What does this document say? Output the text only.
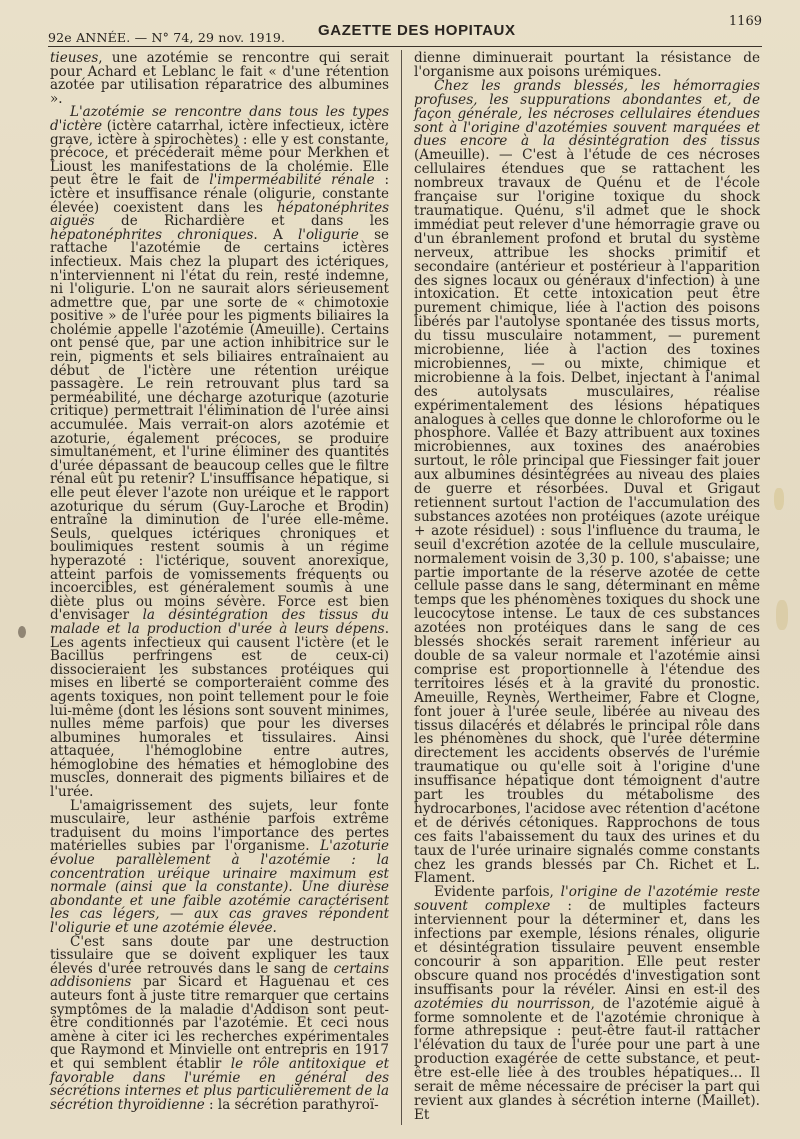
92e ANNÉE. — N° 74, 29 nov. 1919. GAZETTE DES HOPITAUX
1169

tieuses, une azotémie se rencontre qui serait pour Achard et Leblanc le fait « d'une rétention azotée par utilisation réparatrice des albumines ».

L'azotémie se rencontre dans tous les types d'ictère (ictère catarrhal, ictère infectieux, ictère grave, ictère à spirochètes) : elle y est constante, précoce, et précéderait même pour Merkhen et Lioust les manifestations de la cholémie. Elle peut être le fait de l'imperméabilité rénale : ictère et insuffisance rénale (oligurie, constante élevée) coexistent dans les hépatonéphrites aiguës de Richardière et dans les hépatonéphrites chroniques. A l'oligurie se rattache l'azotémie de certains ictères infectieux. Mais chez la plupart des ictériques, n'interviennent ni l'état du rein, resté indemne, ni l'oligurie. L'on ne saurait alors sérieusement admettre que, par une sorte de « chimotoxie positive » de l'urée pour les pigments biliaires la cholémie appelle l'azotémie (Ameuille). Certains ont pensé que, par une action inhibitrice sur le rein, pigments et sels biliaires entraînaient au début de l'ictère une rétention uréique passagère. Le rein retrouvant plus tard sa perméabilité, une décharge azoturique (azoturie critique) permettrait l'élimination de l'urée ainsi accumulée. Mais verrait-on alors azotémie et azoturie, également précoces, se produire simultanément, et l'urine éliminer des quantités d'urée dépassant de beaucoup celles que le filtre rénal eût pu retenir? L'insuffisance hépatique, si elle peut élever l'azote non uréique et le rapport azoturique du sérum (Guy-Laroche et Brodin) entraîne la diminution de l'urée elle-même. Seuls, quelques ictériques chroniques et boulimiques restent soumis à un régime hyperazoté : l'ictérique, souvent anorexique, atteint parfois de vomissements fréquents ou incoercibles, est généralement soumis à une diète plus ou moins sévère. Force est bien d'envisager la désintégration des tissus du malade et la production d'urée à leurs dépens. Les agents infectieux qui causent l'ictère (et le Bacillus perfringens est de ceux-ci) dissocieraient les substances protéiques qui mises en liberté se comporteraient comme des agents toxiques, non point tellement pour le foie lui-même (dont les lésions sont souvent minimes, nulles même parfois) que pour les diverses albumines humorales et tissulaires. Ainsi attaquée, l'hémoglobine entre autres, hémoglobine des hématies et hémoglobine des muscles, donnerait des pigments biliaires et de l'urée.

L'amaigrissement des sujets, leur fonte musculaire, leur asthénie parfois extrême traduisent du moins l'importance des pertes matérielles subies par l'organisme. L'azoturie évolue parallèlement à l'azotémie : la concentration uréique urinaire maximum est normale (ainsi que la constante). Une diurèse abondante et une faible azotémie caractérisent les cas légers, — aux cas graves répondent l'oligurie et une azotémie élevée.

C'est sans doute par une destruction tissulaire que se doivent expliquer les taux élevés d'urée retrouvés dans le sang de certains addisoniens par Sicard et Haguenau et ces auteurs font à juste titre remarquer que certains symptômes de la maladie d'Addison sont peut-être conditionnés par l'azotémie. Et ceci nous amène à citer ici les recherches expérimentales que Raymond et Minvielle ont entrepris en 1917 et qui semblent établir le rôle antitoxique et favorable dans l'urémie en général des sécrétions internes et plus particulièrement de la sécrétion thyroïdienne : la sécrétion parathyroï-

dienne diminuerait pourtant la résistance de l'organisme aux poisons urémiques.

Chez les grands blessés, les hémorragies profuses, les suppurations abondantes et, de façon générale, les nécroses cellulaires étendues sont à l'origine d'azotémies souvent marquées et dues encore à la désintégration des tissus (Ameuille). — C'est à l'étude de ces nécroses cellulaires étendues que se rattachent les nombreux travaux de Quénu et de l'école française sur l'origine toxique du shock traumatique. Quénu, s'il admet que le shock immédiat peut relever d'une hémorragie grave ou d'un ébranlement profond et brutal du système nerveux, attribue les shocks primitif et secondaire (antérieur et postérieur à l'apparition des signes locaux ou généraux d'infection) à une intoxication. Et cette intoxication peut être purement chimique, liée à l'action des poisons libérés par l'autolyse spontanée des tissus morts, du tissu musculaire notamment, — purement microbienne, liée à l'action des toxines microbiennes, — ou mixte, chimique et microbienne à la fois. Delbet, injectant à l'animal des autolysats musculaires, réalise expérimentalement des lésions hépatiques analogues à celles que donne le chloroforme ou le phosphore. Vallée et Bazy attribuent aux toxines microbiennes, aux toxines des anaérobies surtout, le rôle principal que Fiessinger fait jouer aux albumines désintégrées au niveau des plaies de guerre et résorbées. Duval et Grigaut retiennent surtout l'action de l'accumulation des substances azotées non protéiques (azote uréique + azote résiduel) : sous l'influence du trauma, le seuil d'excrétion azotée de la cellule musculaire, normalement voisin de 3,30 p. 100, s'abaisse; une partie importante de la réserve azotée de cette cellule passe dans le sang, déterminant en même temps que les phénomènes toxiques du shock une leucocytose intense. Le taux de ces substances azotées non protéiques dans le sang de ces blessés shockés serait rarement inférieur au double de sa valeur normale et l'azotémie ainsi comprise est proportionnelle à l'étendue des territoires lésés et à la gravité du pronostic. Ameuille, Reynès, Wertheimer, Fabre et Clogne, font jouer à l'urée seule, libérée au niveau des tissus dilacérés et délabrés le principal rôle dans les phénomènes du shock, que l'urée détermine directement les accidents observés de l'urémie traumatique ou qu'elle soit à l'origine d'une insuffisance hépatique dont témoignent d'autre part les troubles du métabolisme des hydrocarbones, l'acidose avec rétention d'acétone et de dérivés cétoniques. Rapprochons de tous ces faits l'abaissement du taux des urines et du taux de l'urée urinaire signalés comme constants chez les grands blessés par Ch. Richet et L. Flament.

Evidente parfois, l'origine de l'azotémie reste souvent complexe : de multiples facteurs interviennent pour la déterminer et, dans les infections par exemple, lésions rénales, oligurie et désintégration tissulaire peuvent ensemble concourir à son apparition. Elle peut rester obscure quand nos procédés d'investigation sont insuffisants pour la révéler. Ainsi en est-il des azotémies du nourrisson, de l'azotémie aiguë à forme somnolente et de l'azotémie chronique à forme athrepsique : peut-être faut-il rattacher l'élévation du taux de l'urée pour une part à une production exagérée de cette substance, et peut-être est-elle liée à des troubles hépatiques... Il serait de même nécessaire de préciser la part qui revient aux glandes à sécrétion interne (Maillet). Et
